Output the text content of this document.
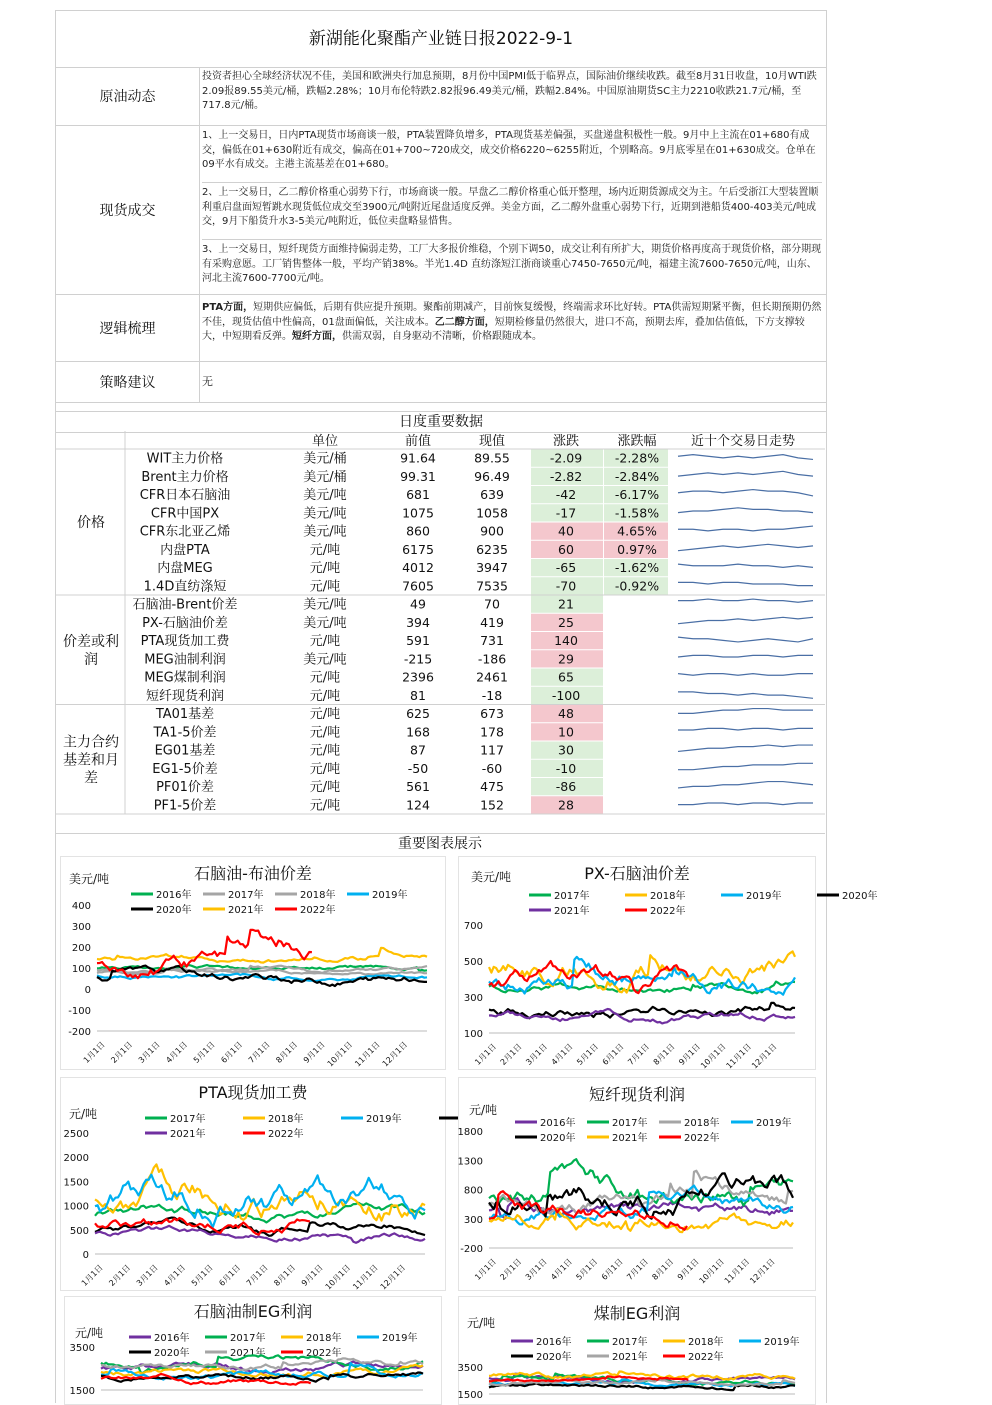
新湖能化聚酯产业链日报2022-9-1
原油动态
投资者担心全球经济状况不佳，美国和欧洲央行加息预期，8月份中国PMI低于临界点，国际油价继续收跌。截至8月31日收盘，10月WTI跌2.09报89.55美元/桶，跌幅2.28%；10月布伦特跌2.82报96.49美元/桶，跌幅2.84%。中国原油期货SC主力2210收跌21.7元/桶，至717.8元/桶。
现货成交
1、上一交易日，日内PTA现货市场商谈一般，PTA装置降负增多，PTA现货基差偏强，买盘递盘积极性一般。9月中上主流在01+680有成交，偏低在01+630附近有成交，偏高在01+700~720成交，成交价格6220~6255附近，个别略高。9月底零星在01+630成交。仓单在09平水有成交。主港主流基差在01+680。
2、上一交易日，乙二醇价格重心弱势下行，市场商谈一般。早盘乙二醇价格重心低开整理，场内近期货源成交为主。午后受浙江大型装置顺利重启盘面短暂跳水现货低位成交至3900元/吨附近尾盘适度反弹。美金方面，乙二醇外盘重心弱势下行，近期到港船货400-403美元/吨成交，9月下船货升水3-5美元/吨附近，低位卖盘略显惜售。
3、上一交易日，短纤现货方面维持偏弱走势，工厂大多报价维稳，个别下调50，成交让利有所扩大，期货价格再度高于现货价格，部分期现有采购意愿。工厂销售整体一般，平均产销38%。半光1.4D 直纺涤短江浙商谈重心7450-7650元/吨，福建主流7600-7650元/吨，山东、河北主流7600-7700元/吨。
逻辑梳理
PTA方面，短期供应偏低，后期有供应提升预期。聚酯前期减产，目前恢复缓慢，终端需求环比好转。PTA供需短期紧平衡，但长期预期仍然不佳，现货估值中性偏高，01盘面偏低，关注成本。乙二醇方面，短期检修量仍然很大，进口不高，预期去库，叠加估值低，下方支撑较大，中短期看反弹。短纤方面，供需双弱，自身驱动不清晰，价格跟随成本。
策略建议	无
日度重要数据
单位	前值	现值	涨跌	涨跌幅	近十个交易日走势
价格
价差或利
润
主力合约
基差和月
差
WIT主力价格	美元/桶	91.64	89.55	-2.09	-2.28%
Brent主力价格	美元/桶	99.31	96.49	-2.82	-2.84%
CFR日本石脑油	美元/吨	681	639	-42	-6.17%
CFR中国PX	美元/吨	1075	1058	-17	-1.58%
CFR东北亚乙烯	美元/吨	860	900	40	4.65%
内盘PTA	元/吨	6175	6235	60	0.97%
内盘MEG	元/吨	4012	3947	-65	-1.62%
1.4D直纺涤短	元/吨	7605	7535	-70	-0.92%
石脑油-Brent价差	美元/吨	49	70	21
PX-石脑油价差	美元/吨	394	419	25
PTA现货加工费	元/吨	591	731	140
MEG油制利润	美元/吨	-215	-186	29
MEG煤制利润	元/吨	2396	2461	65
短纤现货利润	元/吨	81	-18	-100
TA01基差	元/吨	625	673	48
TA1-5价差	元/吨	168	178	10
EG01基差	元/吨	87	117	30
EG1-5价差	元/吨	-50	-60	-10
PF01价差	元/吨	561	475	-86
PF1-5价差	元/吨	124	152	28
重要图表展示
石脑油-布油价差
美元/吨
2016年	2017年	2018年	2019年
2020年	2021年	2022年
400
300
200
100
0
-100
-200
1月1日 2月1日 3月1日 4月1日 5月1日 6月1日 7月1日 8月1日 9月1日 10月1日 11月1日 12月1日
PX-石脑油价差
美元/吨
2017年	2018年	2019年	2020年
2021年	2022年
700
500
300
100
1月1日 2月1日 3月1日 4月1日 5月1日 6月1日 7月1日 8月1日 9月1日
10月1日
11月1日
12月1日
PTA现货加工费
元/吨	2017年	2018年	2019年	2020年
2021年	2022年
2500
2000
1500
1000
500
0
1月1日 2月1日 3月1日 4月1日 5月1日 6月1日 7月1日 8月1日 9月1日 10月1日 11月1日 12月1日
短纤现货利润
元/吨
2016年	2017年	2018年	2019年
2020年	2021年	2022年
1800
1300
800
300
-200
1月1日 2月1日 3月1日 4月1日 5月1日 6月1日 7月1日 8月1日 9月1日
10月1日
11月1日
12月1日
石脑油制EG利润
元/吨	2016年	2017年	2018年	2019年
2020年	2021年	2022年
3500
1500
煤制EG利润
元/吨
2016年	2017年	2018年	2019年
2020年	2021年	2022年
3500
1500
